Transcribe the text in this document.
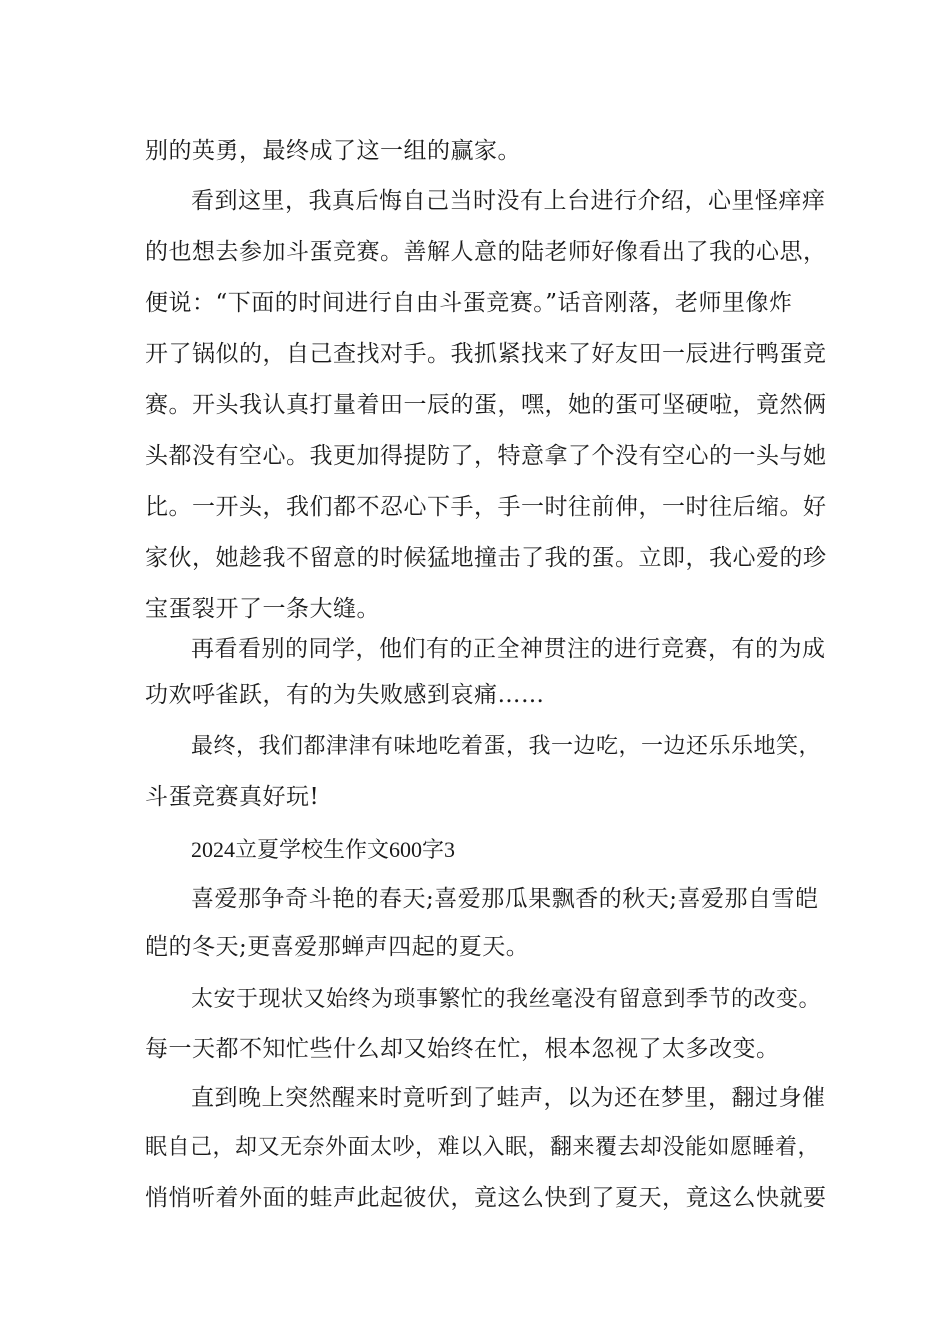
别的英勇，最终成了这一组的赢家。
看到这里，我真后悔自己当时没有上台进行介绍，心里怪痒痒
的也想去参加斗蛋竞赛。善解人意的陆老师好像看出了我的心思，
便说：“下面的时间进行自由斗蛋竞赛。”话音刚落，老师里像炸
开了锅似的，自己查找对手。我抓紧找来了好友田一辰进行鸭蛋竞
赛。开头我认真打量着田一辰的蛋，嘿，她的蛋可坚硬啦，竟然俩
头都没有空心。我更加得提防了，特意拿了个没有空心的一头与她
比。一开头，我们都不忍心下手，手一时往前伸，一时往后缩。好
家伙，她趁我不留意的时候猛地撞击了我的蛋。立即，我心爱的珍
宝蛋裂开了一条大缝。
再看看别的同学，他们有的正全神贯注的进行竞赛，有的为成
功欢呼雀跃，有的为失败感到哀痛……
最终，我们都津津有味地吃着蛋，我一边吃，一边还乐乐地笑，
斗蛋竞赛真好玩!
2024立夏学校生作文600字3
喜爱那争奇斗艳的春天;喜爱那瓜果飘香的秋天;喜爱那自雪皑
皑的冬天;更喜爱那蝉声四起的夏天。
太安于现状又始终为琐事繁忙的我丝毫没有留意到季节的改变。
每一天都不知忙些什么却又始终在忙，根本忽视了太多改变。
直到晚上突然醒来时竟听到了蛙声，以为还在梦里，翻过身催
眠自己，却又无奈外面太吵，难以入眠，翻来覆去却没能如愿睡着，
悄悄听着外面的蛙声此起彼伏，竟这么快到了夏天，竟这么快就要
